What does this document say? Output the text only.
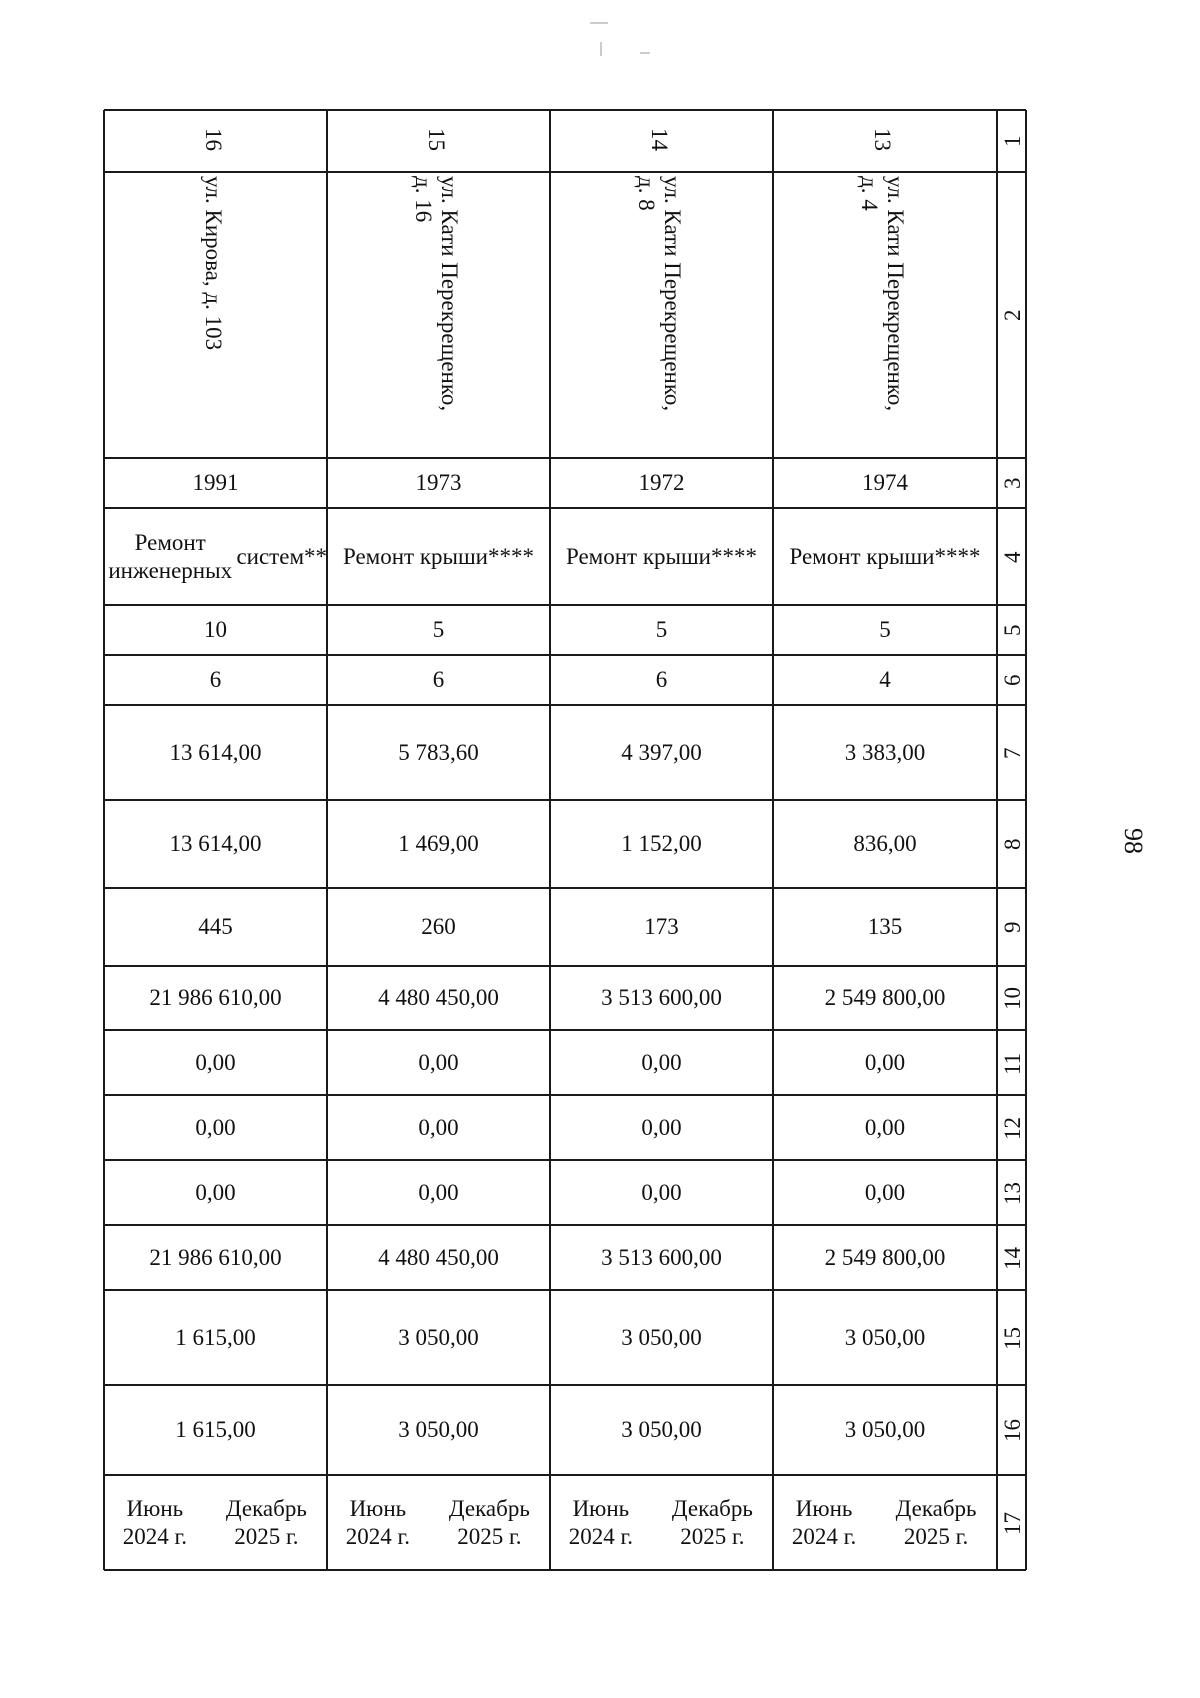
1
2
3
4
5
6
7
8
9
10
11
12
13
14
15
16
17
16
ул. Кирова, д. 103
1991
Ремонт инженерных

систем**
10
6
13 614,00
13 614,00
445
21 986 610,00
0,00
0,00
0,00
21 986 610,00
1 615,00
1 615,00
Июнь 2024 г.

Декабрь 2025 г.
15
ул. Кати Перекрещенко,
д. 16
1973
Ремонт крыши****
5
6
5 783,60
1 469,00
260
4 480 450,00
0,00
0,00
0,00
4 480 450,00
3 050,00
3 050,00
Июнь 2024 г.

Декабрь 2025 г.
14
ул. Кати Перекрещенко,
д. 8
1972
Ремонт крыши****
5
6
4 397,00
1 152,00
173
3 513 600,00
0,00
0,00
0,00
3 513 600,00
3 050,00
3 050,00
Июнь 2024 г.

Декабрь 2025 г.
13
ул. Кати Перекрещенко,
д. 4
1974
Ремонт крыши****
5
4
3 383,00
836,00
135
2 549 800,00
0,00
0,00
0,00
2 549 800,00
3 050,00
3 050,00
Июнь 2024 г.

Декабрь 2025 г.
98
